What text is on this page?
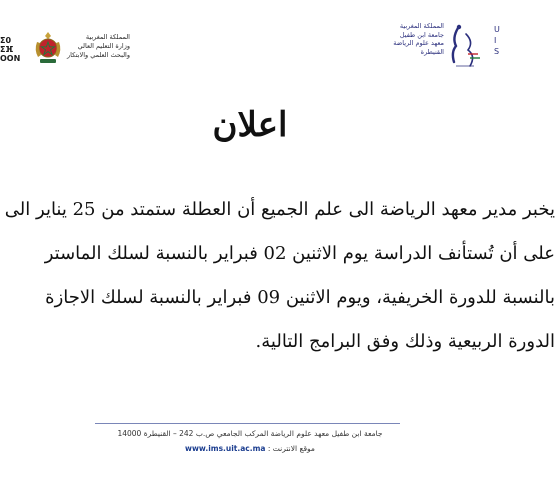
ⵉ0
ⵉⴼ
OON
المملكة المغربية
وزارة التعليم العالي
والبحث العلمي والابتكار
المملكة المغربية
جامعة ابن طفيل
معهد علوم الرياضة
القنيطرة
U
I
S
اعلان
يخبر مدير معهد الرياضة الى علم الجميع أن العطلة ستمتد من 25 يناير الى
على أن تُستأنف الدراسة يوم الاثنين 02 فبراير بالنسبة لسلك الماستر
بالنسبة للدورة الخريفية، ويوم الاثنين 09 فبراير بالنسبة لسلك الاجازة
الدورة الربيعية وذلك وفق البرامج التالية.
جامعة ابن طفيل معهد علوم الرياضة المركب الجامعي ص.ب 242 – القنيطرة 14000
موقع الانترنت : www.ims.uit.ac.ma
